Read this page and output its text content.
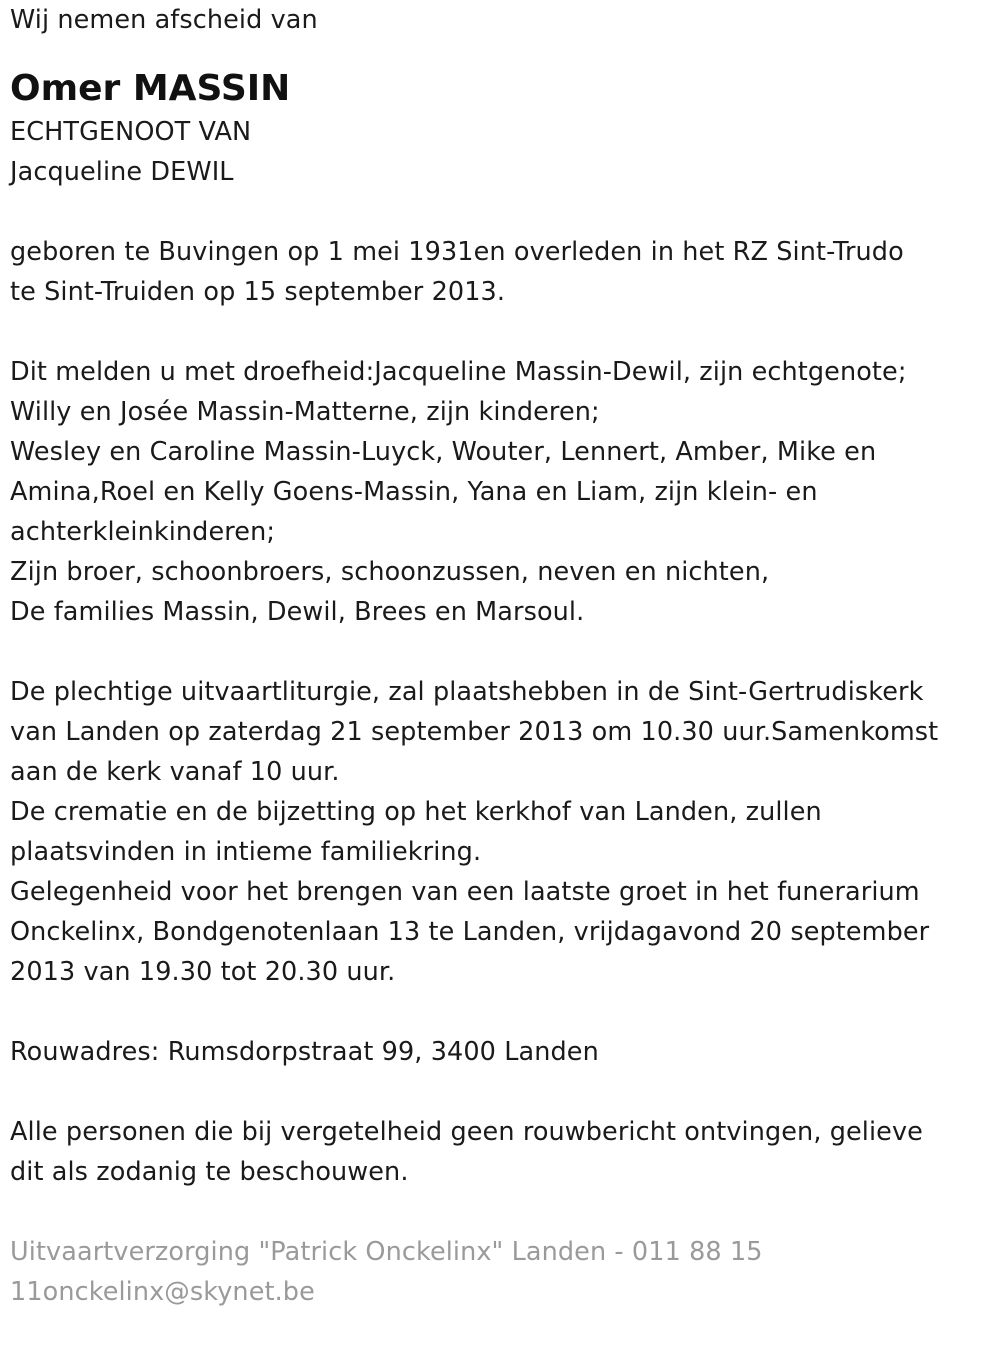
Wij nemen afscheid van
Omer MASSIN
ECHTGENOOT VAN
Jacqueline DEWIL
geboren te Buvingen op 1 mei 1931en overleden in het RZ Sint-Trudo
te Sint-Truiden op 15 september 2013.
Dit melden u met droefheid:Jacqueline Massin-Dewil, zijn echtgenote;
Willy en Josée Massin-Matterne, zijn kinderen;
Wesley en Caroline Massin-Luyck, Wouter, Lennert, Amber, Mike en
Amina,Roel en Kelly Goens-Massin, Yana en Liam, zijn klein- en
achterkleinkinderen;
Zijn broer, schoonbroers, schoonzussen, neven en nichten,
De families Massin, Dewil, Brees en Marsoul.
De plechtige uitvaartliturgie, zal plaatshebben in de Sint-Gertrudiskerk
van Landen op zaterdag 21 september 2013 om 10.30 uur.Samenkomst
aan de kerk vanaf 10 uur.
De crematie en de bijzetting op het kerkhof van Landen, zullen
plaatsvinden in intieme familiekring.
Gelegenheid voor het brengen van een laatste groet in het funerarium
Onckelinx, Bondgenotenlaan 13 te Landen, vrijdagavond 20 september
2013 van 19.30 tot 20.30 uur.
Rouwadres: Rumsdorpstraat 99, 3400 Landen
Alle personen die bij vergetelheid geen rouwbericht ontvingen, gelieve
dit als zodanig te beschouwen.
Uitvaartverzorging "Patrick Onckelinx" Landen - 011 88 15
11onckelinx@skynet.be
